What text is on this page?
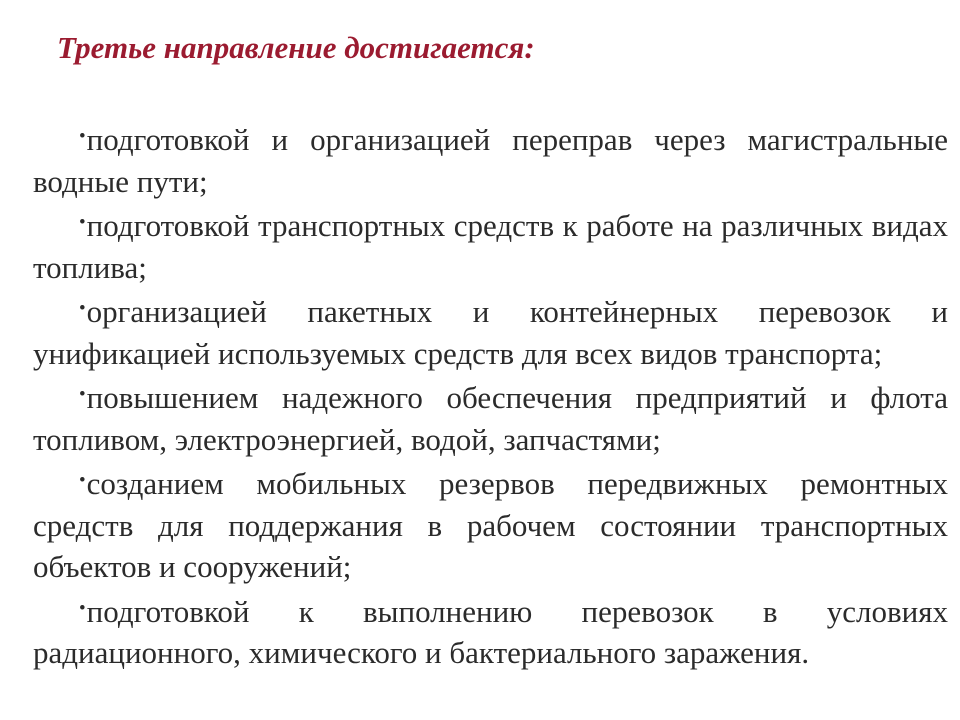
Третье направление достигается:
•подготовкой и организацией переправ через магистральные водные пути;
•подготовкой транспортных средств к работе на различных видах топлива;
•организацией пакетных и контейнерных перевозок и унификацией используемых средств для всех видов транспорта;
•повышением надежного обеспечения предприятий и флота топливом, электроэнергией, водой, запчастями;
•созданием мобильных резервов передвижных ремонтных средств для поддержания в рабочем состоянии транспортных объектов и сооружений;
•подготовкой к выполнению перевозок в условиях радиационного, химического и бактериального заражения.
